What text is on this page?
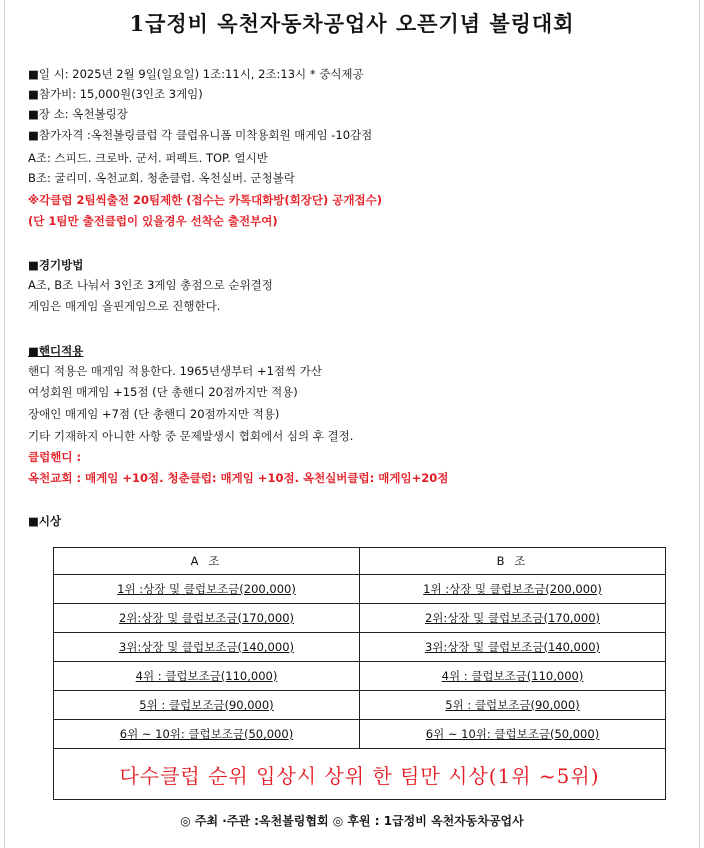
1급정비 옥천자동차공업사 오픈기념 볼링대회
■일 시: 2025년 2월 9일(일요일) 1조:11시, 2조:13시 * 중식제공
■참가비: 15,000원(3인조 3게임)
■장 소: 옥천볼링장
■참가자격 :옥천볼링클럽 각 클럽유니폼 미착용회원 매게임 -10감점
A조: 스피드. 크로바. 군서. 퍼펙트. TOP. 열시반
B조: 굴리미. 옥천교회. 청춘클럽. 옥천실버. 군청볼락
※각클럽 2팀씩출전 20팀제한 (접수는 카톡대화방(회장단) 공개접수)
(단 1팀만 출전클럽이 있을경우 선착순 출전부여)
■경기방법
A조, B조 나눠서 3인조 3게임 총점으로 순위결정
게임은 매게임 올핀게임으로 진행한다.
■핸디적용
핸디 적용은 매게임 적용한다. 1965년생부터 +1점씩 가산
여성회원 매게임 +15점 (단 총핸디 20점까지만 적용)
장애인 매게임 +7점 (단 총핸디 20점까지만 적용)
기타 기재하지 아니한 사항 중 문제발생시 협회에서 심의 후 결정.
클럽핸디 :
옥천교회 : 매게임 +10점. 청춘클럽: 매게임 +10점. 옥천실버클럽: 매게임+20점
■시상
A 조	B 조
1위 :상장 및 클럽보조금(200,000)	1위 :상장 및 클럽보조금(200,000)
2위:상장 및 클럽보조금(170,000)	2위:상장 및 클럽보조금(170,000)
3위:상장 및 클럽보조금(140,000)	3위:상장 및 클럽보조금(140,000)
4위 : 클럽보조금(110,000)	4위 : 클럽보조금(110,000)
5위 : 클럽보조금(90,000)	5위 : 클럽보조금(90,000)
6위 ~ 10위: 클럽보조금(50,000)	6위 ~ 10위: 클럽보조금(50,000)
다수클럽 순위 입상시 상위 한 팀만 시상(1위 ~5위)	
◎ 주최 ·주관 :옥천볼링협회 ◎ 후원 : 1급정비 옥천자동차공업사
